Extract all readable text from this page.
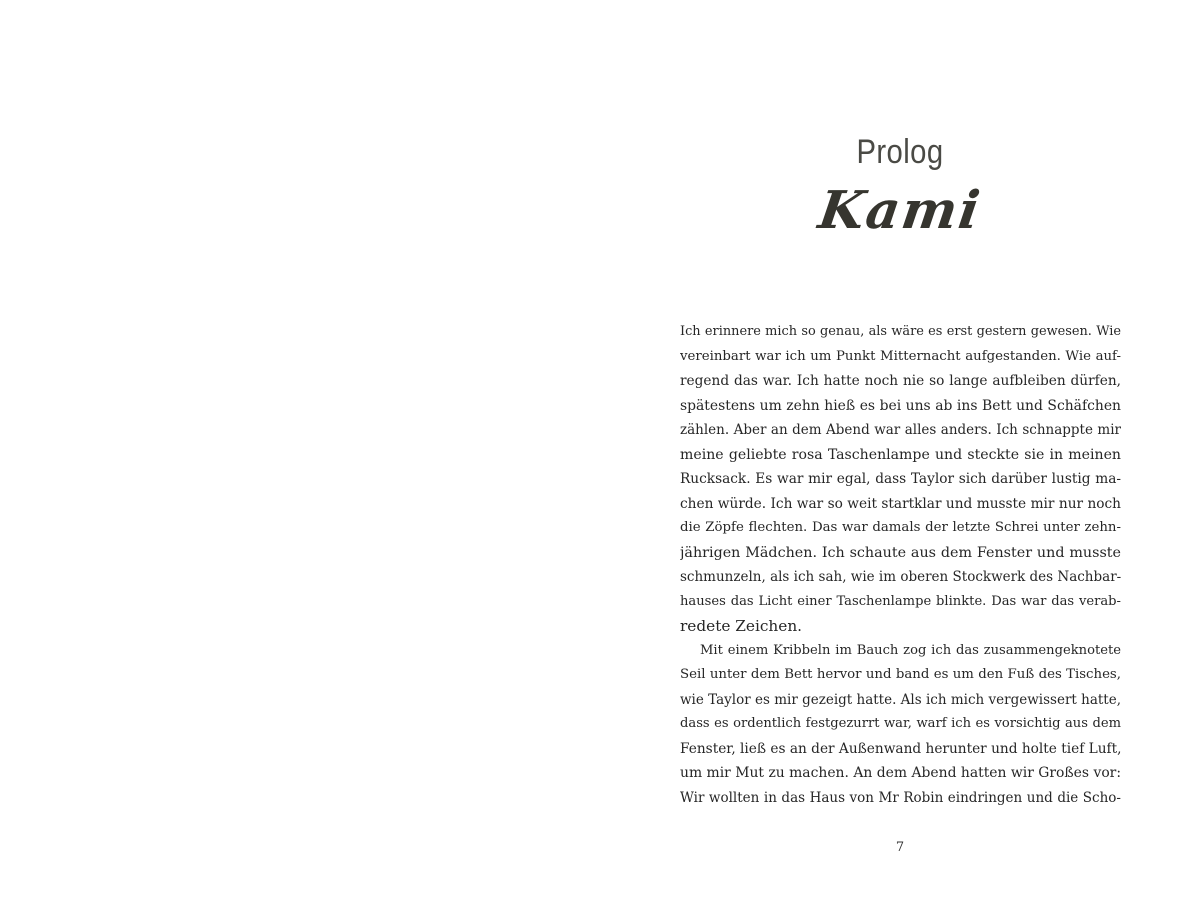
Prolog
Kami
Ich erinnere mich so genau, als wäre es erst gestern gewesen. Wie
vereinbart war ich um Punkt Mitternacht aufgestanden. Wie auf-
regend das war. Ich hatte noch nie so lange aufbleiben dürfen,
spätestens um zehn hieß es bei uns ab ins Bett und Schäfchen
zählen. Aber an dem Abend war alles anders. Ich schnappte mir
meine geliebte rosa Taschenlampe und steckte sie in meinen
Rucksack. Es war mir egal, dass Taylor sich darüber lustig ma-
chen würde. Ich war so weit startklar und musste mir nur noch
die Zöpfe flechten. Das war damals der letzte Schrei unter zehn-
jährigen Mädchen. Ich schaute aus dem Fenster und musste
schmunzeln, als ich sah, wie im oberen Stockwerk des Nachbar-
hauses das Licht einer Taschenlampe blinkte. Das war das verab-
redete Zeichen.
Mit einem Kribbeln im Bauch zog ich das zusammengeknotete
Seil unter dem Bett hervor und band es um den Fuß des Tisches,
wie Taylor es mir gezeigt hatte. Als ich mich vergewissert hatte,
dass es ordentlich festgezurrt war, warf ich es vorsichtig aus dem
Fenster, ließ es an der Außenwand herunter und holte tief Luft,
um mir Mut zu machen. An dem Abend hatten wir Großes vor:
Wir wollten in das Haus von Mr Robin eindringen und die Scho-
7
